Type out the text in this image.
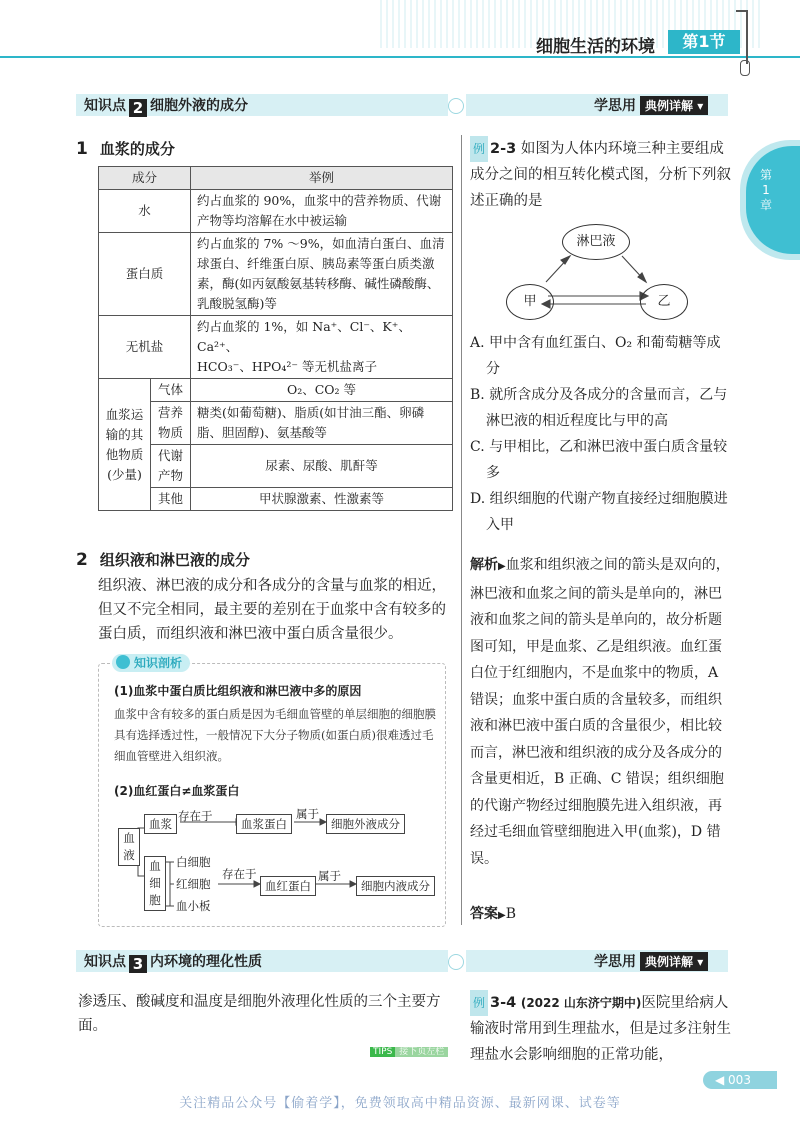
细胞生活的环境	第1节
第1章
知识点 2 细胞外液的成分	学思用 典例详解 ▾
1 血浆的成分
成分		举例
水		约占血浆的 90%，血浆中的营养物质、代谢产物等均溶解在水中被运输
蛋白质		约占血浆的 7% ～9%，如血清白蛋白、血清球蛋白、纤维蛋白原、胰岛素等蛋白质类激素，酶(如丙氨酸氨基转移酶、碱性磷酸酶、乳酸脱氢酶)等
无机盐		约占血浆的 1%，如 Na⁺、Cl⁻、K⁺、Ca²⁺、
HCO₃⁻、HPO₄²⁻ 等无机盐离子
血浆运输的其他物质(少量)	气体	O₂、CO₂ 等
	营养物质	糖类(如葡萄糖)、脂质(如甘油三酯、卵磷脂、胆固醇)、氨基酸等
	代谢产物	尿素、尿酸、肌酐等
	其他	甲状腺激素、性激素等
2 组织液和淋巴液的成分
组织液、淋巴液的成分和各成分的含量与血浆的相近，但又不完全相同，最主要的差别在于血浆中含有较多的蛋白质，而组织液和淋巴液中蛋白质含量很少。
知识剖析
(1)血浆中蛋白质比组织液和淋巴液中多的原因
血浆中含有较多的蛋白质是因为毛细血管壁的单层细胞的细胞膜具有选择透过性，一般情况下大分子物质(如蛋白质)很难透过毛细血管壁进入组织液。
(2)血红蛋白≠血浆蛋白
血液
血浆
存在于
血浆蛋白
属于
细胞外液成分
血细胞
白细胞
红细胞
血小板
存在于
血红蛋白
属于
细胞内液成分
知识点 3 内环境的理化性质	学思用 典例详解 ▾
渗透压、酸碱度和温度是细胞外液理化性质的三个主要方面。
例 2-3 如图为人体内环境三种主要组成成分之间的相互转化模式图，分析下列叙述正确的是
淋巴液
甲	乙
A. 甲中含有血红蛋白、O₂ 和葡萄糖等成分
B. 就所含成分及各成分的含量而言，乙与淋巴液的相近程度比与甲的高
C. 与甲相比，乙和淋巴液中蛋白质含量较多
D. 组织细胞的代谢产物直接经过细胞膜进入甲
解析▶血浆和组织液之间的箭头是双向的，淋巴液和血浆之间的箭头是单向的，淋巴液和血浆之间的箭头是单向的，故分析题图可知，甲是血浆、乙是组织液。血红蛋白位于红细胞内，不是血浆中的物质，A 错误；血浆中蛋白质的含量较多，而组织液和淋巴液中蛋白质的含量很少，相比较而言，淋巴液和组织液的成分及各成分的含量更相近，B 正确、C 错误；组织细胞的代谢产物经过细胞膜先进入组织液，再经过毛细血管壁细胞进入甲(血浆)，D 错误。
答案▶B
例 3-4 (2022 山东济宁期中)医院里给病人输液时常用到生理盐水，但是过多注射生理盐水会影响细胞的正常功能，
TIPS 接下页左栏
◀ 003
关注精品公众号【偷着学】，免费领取高中精品资源、最新网课、试卷等
